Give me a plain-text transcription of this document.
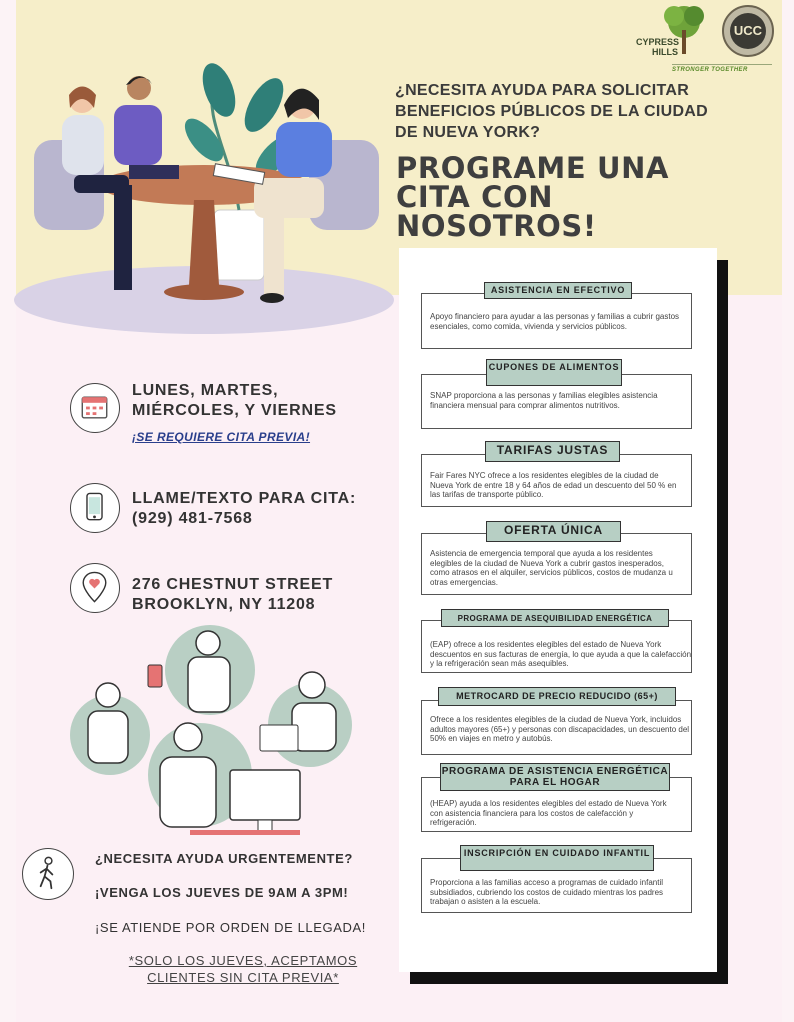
CYPRESS
HILLS
UCC
STRONGER TOGETHER
¿NECESITA AYUDA PARA SOLICITAR BENEFICIOS PÚBLICOS DE LA CIUDAD DE NUEVA YORK?
PROGRAME UNA CITA CON NOSOTROS!
Apoyo financiero para ayudar a las personas y familias a cubrir gastos esenciales, como comida, vivienda y servicios públicos.
ASISTENCIA EN EFECTIVO
SNAP proporciona a las personas y familias elegibles asistencia financiera mensual para comprar alimentos nutritivos.
CUPONES DE ALIMENTOS
Fair Fares NYC ofrece a los residentes elegibles de la ciudad de Nueva York de entre 18 y 64 años de edad un descuento del 50 % en las tarifas de transporte público.
TARIFAS JUSTAS
Asistencia de emergencia temporal que ayuda a los residentes elegibles de la ciudad de Nueva York a cubrir gastos inesperados, como atrasos en el alquiler, servicios públicos, costos de mudanza u otras emergencias.
OFERTA ÚNICA
(EAP) ofrece a los residentes elegibles del estado de Nueva York descuentos en sus facturas de energía, lo que ayuda a que la calefacción y la refrigeración sean más asequibles.
PROGRAMA DE ASEQUIBILIDAD ENERGÉTICA
Ofrece a los residentes elegibles de la ciudad de Nueva York, incluidos adultos mayores (65+) y personas con discapacidades, un descuento del 50% en viajes en metro y autobús.
METROCARD DE PRECIO REDUCIDO (65+)
(HEAP) ayuda a los residentes elegibles del estado de Nueva York con asistencia financiera para los costos de calefacción y refrigeración.
PROGRAMA DE ASISTENCIA ENERGÉTICA PARA EL HOGAR
Proporciona a las familias acceso a programas de cuidado infantil subsidiados, cubriendo los costos de cuidado mientras los padres trabajan o asisten a la escuela.
INSCRIPCIÓN EN CUIDADO INFANTIL
LUNES, MARTES, MIÉRCOLES, Y VIERNES
¡SE REQUIERE CITA PREVIA!
LLAME/TEXTO PARA CITA:
(929) 481-7568
276 CHESTNUT STREET
BROOKLYN, NY 11208
¿NECESITA AYUDA URGENTEMENTE?
¡VENGA LOS JUEVES DE 9AM A 3PM!
¡SE ATIENDE POR ORDEN DE LLEGADA!
*SOLO LOS JUEVES, ACEPTAMOS CLIENTES SIN CITA PREVIA*
